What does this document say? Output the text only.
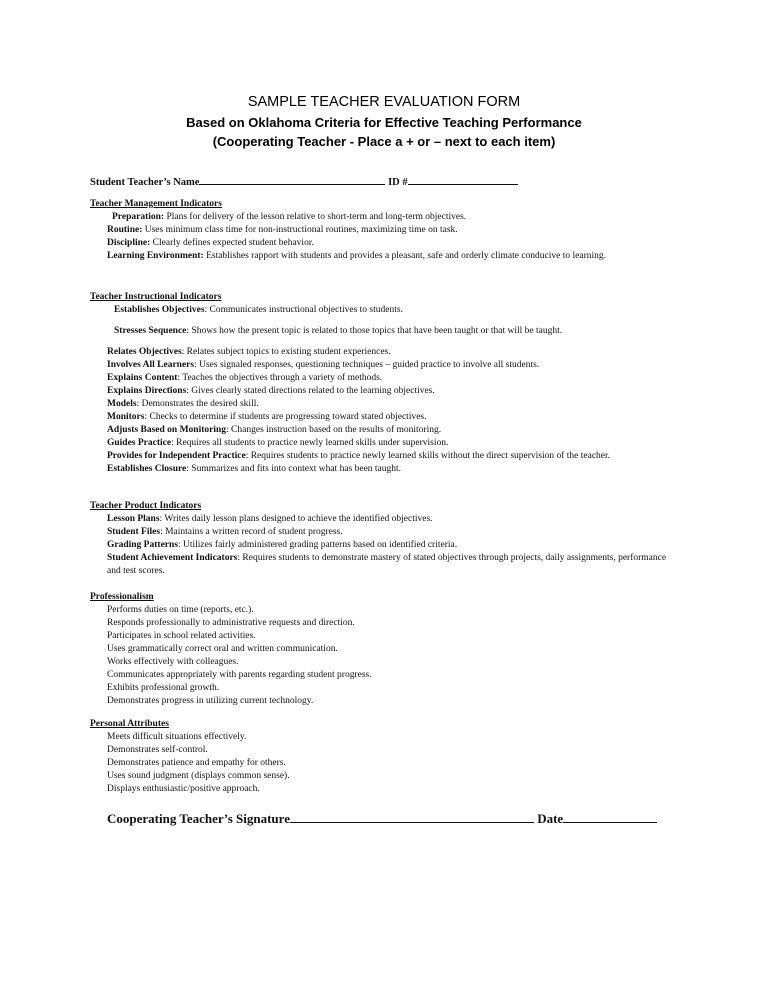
SAMPLE TEACHER EVALUATION FORM
Based on Oklahoma Criteria for Effective Teaching Performance
(Cooperating Teacher - Place a + or – next to each item)
Student Teacher’s Name	ID #
Teacher Management Indicators
Preparation: Plans for delivery of the lesson relative to short-term and long-term objectives.
Routine: Uses minimum class time for non-instructional routines, maximizing time on task.
Discipline: Clearly defines expected student behavior.
Learning Environment: Establishes rapport with students and provides a pleasant, safe and orderly climate conducive to learning.
Teacher Instructional Indicators
Establishes Objectives: Communicates instructional objectives to students.
Stresses Sequence: Shows how the present topic is related to those topics that have been taught or that will be taught.
Relates Objectives: Relates subject topics to existing student experiences.
Involves All Learners: Uses signaled responses, questioning techniques – guided practice to involve all students.
Explains Content: Teaches the objectives through a variety of methods.
Explains Directions: Gives clearly stated directions related to the learning objectives.
Models: Demonstrates the desired skill.
Monitors: Checks to determine if students are progressing toward stated objectives.
Adjusts Based on Monitoring: Changes instruction based on the results of monitoring.
Guides Practice: Requires all students to practice newly learned skills under supervision.
Provides for Independent Practice: Requires students to practice newly learned skills without the direct supervision of the teacher.
Establishes Closure: Summarizes and fits into context what has been taught.
Teacher Product Indicators
Lesson Plans: Writes daily lesson plans designed to achieve the identified objectives.
Student Files: Maintains a written record of student progress.
Grading Patterns: Utilizes fairly administered grading patterns based on identified criteria.
Student Achievement Indicators: Requires students to demonstrate mastery of stated objectives through projects, daily assignments, performance and test scores.
Professionalism
Performs duties on time (reports, etc.).
Responds professionally to administrative requests and direction.
Participates in school related activities.
Uses grammatically correct oral and written communication.
Works effectively with colleagues.
Communicates appropriately with parents regarding student progress.
Exhibits professional growth.
Demonstrates progress in utilizing current technology.
Personal Attributes
Meets difficult situations effectively.
Demonstrates self-control.
Demonstrates patience and empathy for others.
Uses sound judgment (displays common sense).
Displays enthusiastic/positive approach.
Cooperating Teacher’s Signature	Date
